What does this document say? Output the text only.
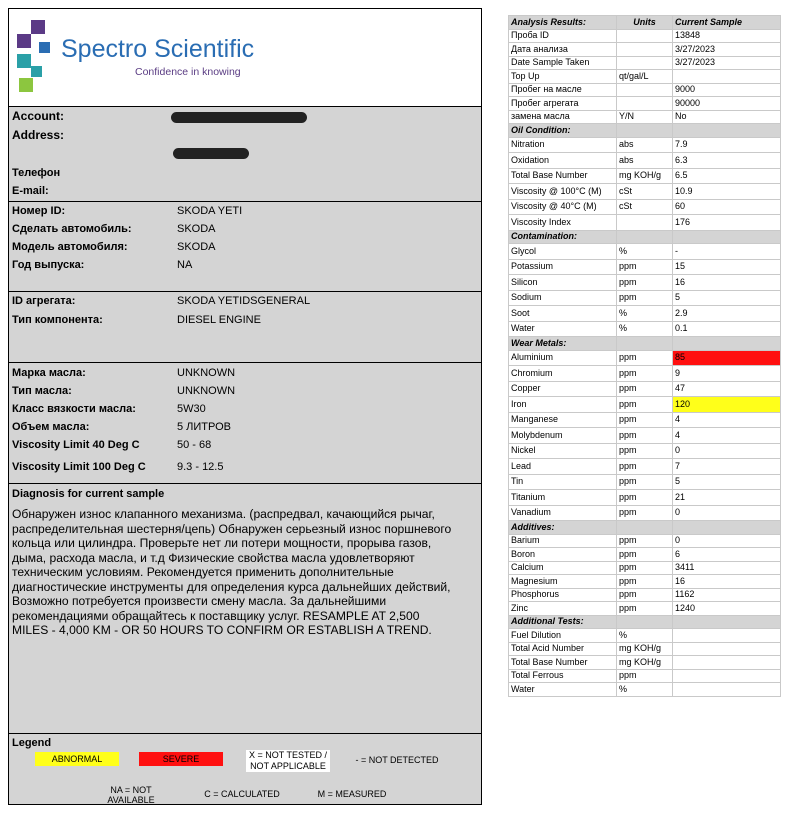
Spectro Scientific
Confidence in knowing
Account:
Address:
Телефон
E-mail:
Номер ID:	SKODA YETI
Сделать автомобиль:	SKODA
Модель автомобиля:	SKODA
Год выпуска:	NA
ID агрегата:	SKODA YETIDSGENERAL
Тип компонента:	DIESEL ENGINE
Марка масла:	UNKNOWN
Тип масла:	UNKNOWN
Класс вязкости масла:	5W30
Объем масла:	5 ЛИТРОВ
Viscosity Limit 40 Deg C	50 - 68
Viscosity Limit 100 Deg C	9.3 - 12.5
Diagnosis for current sample
Обнаружен износ клапанного механизма. (распредвал, качающийся рычаг,
распределительная шестерня/цепь) Обнаружен серьезный износ поршневого
кольца или цилиндра. Проверьте нет ли потери мощности, прорыва газов,
дыма, расхода масла, и т.д Физические свойства масла удовлетворяют
техническим условиям. Рекомендуется применить дополнительные
диагностические инструменты для определения курса дальнейших действий,
Возможно потребуется произвести смену масла. За дальнейшими
рекомендациями обращайтесь к поставщику услуг. RESAMPLE AT 2,500
MILES - 4,000 KM - OR 50 HOURS TO CONFIRM OR ESTABLISH A TREND.
Legend
ABNORMAL	SEVERE	X = NOT TESTED / NOT APPLICABLE
- = NOT DETECTED
NA = NOT AVAILABLE
C = CALCULATED	M = MEASURED
Analysis Results:	Units	Current Sample
Проба ID		13848
Дата анализа		3/27/2023
Date Sample Taken		3/27/2023
Top Up	qt/gal/L	
Пробег на масле		9000
Пробег агрегата		90000
замена масла	Y/N	No
Oil Condition:		
Nitration	abs	7.9
Oxidation	abs	6.3
Total Base Number	mg KOH/g	6.5
Viscosity @ 100°C (M)	cSt	10.9
Viscosity @ 40°C (M)	cSt	60
Viscosity Index		176
Contamination:		
Glycol	%	-
Potassium	ppm	15
Silicon	ppm	16
Sodium	ppm	5
Soot	%	2.9
Water	%	0.1
Wear Metals:		
Aluminium	ppm	85
Chromium	ppm	9
Copper	ppm	47
Iron	ppm	120
Manganese	ppm	4
Molybdenum	ppm	4
Nickel	ppm	0
Lead	ppm	7
Tin	ppm	5
Titanium	ppm	21
Vanadium	ppm	0
Additives:		
Barium	ppm	0
Boron	ppm	6
Calcium	ppm	3411
Magnesium	ppm	16
Phosphorus	ppm	1162
Zinc	ppm	1240
Additional Tests:		
Fuel Dilution	%	
Total Acid Number	mg KOH/g	
Total Base Number	mg KOH/g	
Total Ferrous	ppm	
Water	%	
